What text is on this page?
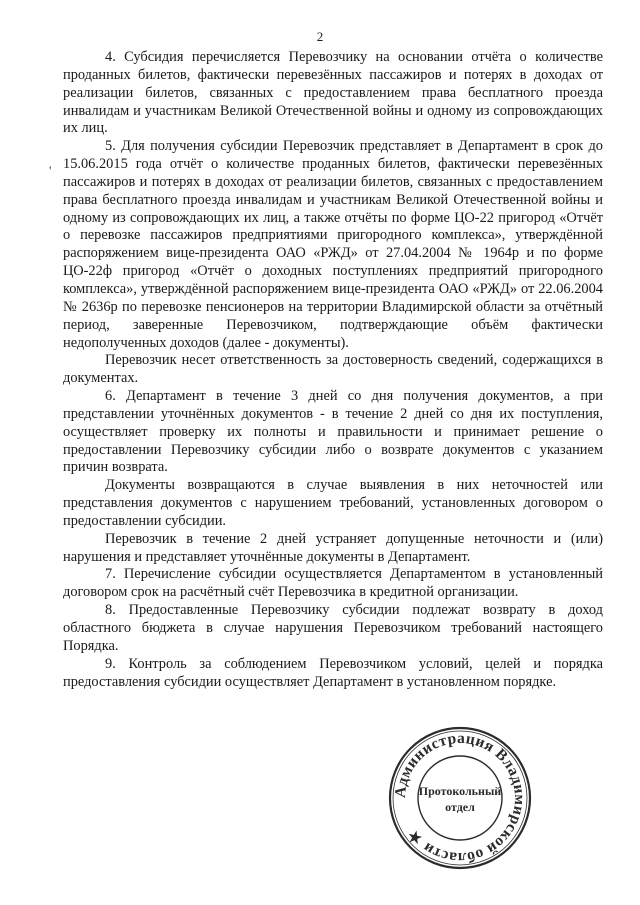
2
'

4. Субсидия перечисляется Перевозчику на основании отчёта о количестве проданных билетов, фактически перевезённых пассажиров и потерях в доходах от реализации билетов, связанных с предоставлением права бесплатного проезда инвалидам и участникам Великой Отечественной войны и одному из сопровождающих их лиц.

5. Для получения субсидии Перевозчик представляет в Департамент в срок до 15.06.2015 года отчёт о количестве проданных билетов, фактически перевезённых пассажиров и потерях в доходах от реализации билетов, связанных с предоставлением права бесплатного проезда инвалидам и участникам Великой Отечественной войны и одному из сопровождающих их лиц, а также отчёты по форме ЦО-22 пригород «Отчёт о перевозке пассажиров предприятиями пригородного комплекса», утверждённой распоряжением вице-президента ОАО «РЖД» от 27.04.2004 № 1964р и по форме ЦО-22ф пригород «Отчёт о доходных поступлениях предприятий пригородного комплекса», утверждённой распоряжением вице-президента ОАО «РЖД» от 22.06.2004 № 2636р по перевозке пенсионеров на территории Владимирской области за отчётный период, заверенные Перевозчиком, подтверждающие объём фактически недополученных доходов (далее - документы).

Перевозчик несет ответственность за достоверность сведений, содержащихся в документах.

6. Департамент в течение 3 дней со дня получения документов, а при представлении уточнённых документов - в течение 2 дней со дня их поступления, осуществляет проверку их полноты и правильности и принимает решение о предоставлении Перевозчику субсидии либо о возврате документов с указанием причин возврата.

Документы возвращаются в случае выявления в них неточностей или представления документов с нарушением требований, установленных договором о предоставлении субсидии.

Перевозчик в течение 2 дней устраняет допущенные неточности и (или) нарушения и представляет уточнённые документы в Департамент.

7. Перечисление субсидии осуществляется Департаментом в установленный договором срок на расчётный счёт Перевозчика в кредитной организации.

8. Предоставленные Перевозчику субсидии подлежат возврату в доход областного бюджета в случае нарушения Перевозчиком требований настоящего Порядка.

9. Контроль за соблюдением Перевозчиком условий, целей и порядка предоставления субсидии осуществляет Департамент в установленном порядке.

Администрация Владимирской области ★
Протокольный
отдел
